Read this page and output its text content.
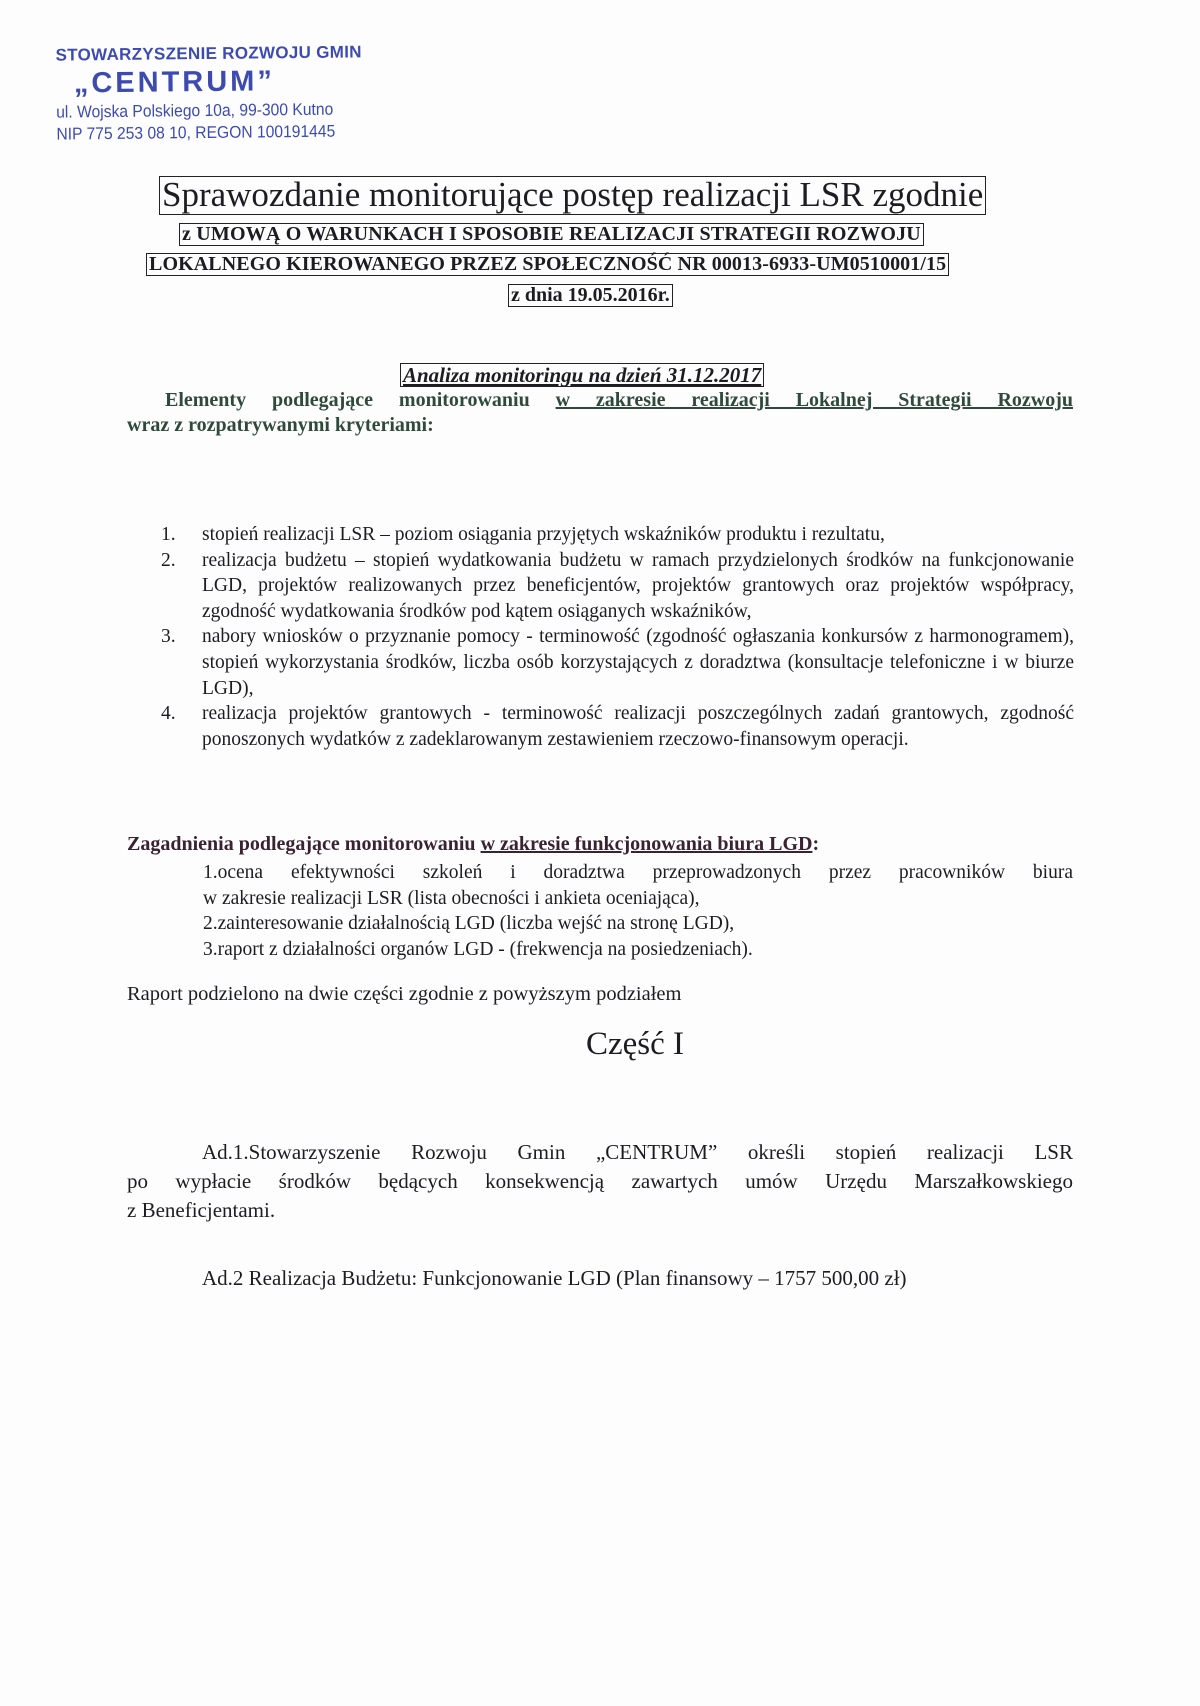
STOWARZYSZENIE ROZWOJU GMIN
„CENTRUM”
ul. Wojska Polskiego 10a, 99-300 Kutno
NIP 775 253 08 10, REGON 100191445
Sprawozdanie monitorujące postęp realizacji LSR zgodnie
z UMOWĄ O WARUNKACH I SPOSOBIE REALIZACJI STRATEGII ROZWOJU
LOKALNEGO KIEROWANEGO PRZEZ SPOŁECZNOŚĆ NR 00013-6933-UM0510001/15
z dnia 19.05.2016r.
Analiza monitoringu na dzień 31.12.2017
Elementy podlegające monitorowaniu w zakresie realizacji Lokalnej Strategii Rozwoju
wraz z rozpatrywanymi kryteriami:
1. stopień realizacji LSR – poziom osiągania przyjętych wskaźników produktu i rezultatu,
2. realizacja budżetu – stopień wydatkowania budżetu w ramach przydzielonych środków na funkcjonowanie LGD, projektów realizowanych przez beneficjentów, projektów grantowych oraz projektów współpracy, zgodność wydatkowania środków pod kątem osiąganych wskaźników,
3. nabory wniosków o przyznanie pomocy - terminowość (zgodność ogłaszania konkursów z harmonogramem), stopień wykorzystania środków, liczba osób korzystających z doradztwa (konsultacje telefoniczne i w biurze LGD),
4. realizacja projektów grantowych - terminowość realizacji poszczególnych zadań grantowych, zgodność ponoszonych wydatków z zadeklarowanym zestawieniem rzeczowo-finansowym operacji.
Zagadnienia podlegające monitorowaniu w zakresie funkcjonowania biura LGD:
1.ocena efektywności szkoleń i doradztwa przeprowadzonych przez pracowników biura
w zakresie realizacji LSR (lista obecności i ankieta oceniająca),
2.zainteresowanie działalnością LGD (liczba wejść na stronę LGD),
3.raport z działalności organów LGD - (frekwencja na posiedzeniach).
Raport podzielono na dwie części zgodnie z powyższym podziałem
Część I
Ad.1.Stowarzyszenie Rozwoju Gmin „CENTRUM” określi stopień realizacji LSR
po wypłacie środków będących konsekwencją zawartych umów Urzędu Marszałkowskiego
z Beneficjentami.
Ad.2 Realizacja Budżetu: Funkcjonowanie LGD (Plan finansowy – 1757 500,00 zł)
